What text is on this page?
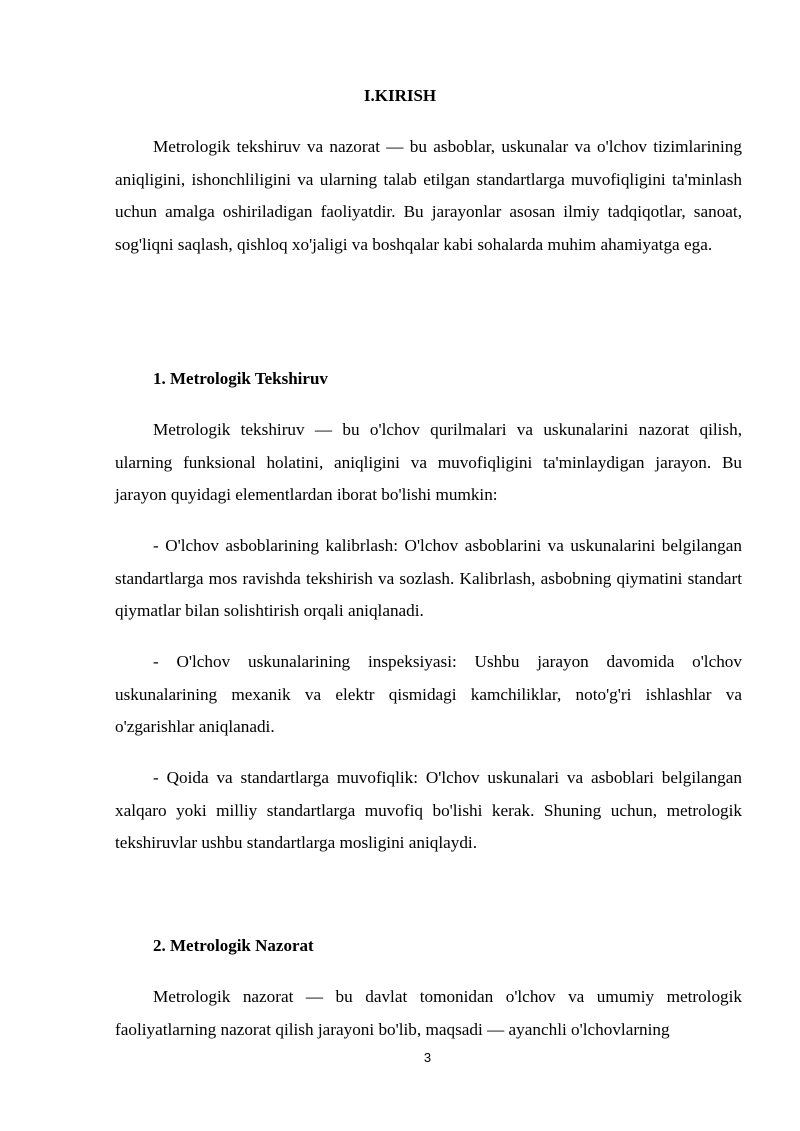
I.KIRISH

Metrologik tekshiruv va nazorat — bu asboblar, uskunalar va o'lchov tizimlarining aniqligini, ishonchliligini va ularning talab etilgan standartlarga muvofiqligini ta'minlash uchun amalga oshiriladigan faoliyatdir. Bu jarayonlar asosan ilmiy tadqiqotlar, sanoat, sog'liqni saqlash, qishloq xo'jaligi va boshqalar kabi sohalarda muhim ahamiyatga ega.

1. Metrologik Tekshiruv

Metrologik tekshiruv — bu o'lchov qurilmalari va uskunalarini nazorat qilish, ularning funksional holatini, aniqligini va muvofiqligini ta'minlaydigan jarayon. Bu jarayon quyidagi elementlardan iborat bo'lishi mumkin:

- O'lchov asboblarining kalibrlash: O'lchov asboblarini va uskunalarini belgilangan standartlarga mos ravishda tekshirish va sozlash. Kalibrlash, asbobning qiymatini standart qiymatlar bilan solishtirish orqali aniqlanadi.

- O'lchov uskunalarining inspeksiyasi: Ushbu jarayon davomida o'lchov uskunalarining mexanik va elektr qismidagi kamchiliklar, noto'g'ri ishlashlar va o'zgarishlar aniqlanadi.

- Qoida va standartlarga muvofiqlik: O'lchov uskunalari va asboblari belgilangan xalqaro yoki milliy standartlarga muvofiq bo'lishi kerak. Shuning uchun, metrologik tekshiruvlar ushbu standartlarga mosligini aniqlaydi.

2. Metrologik Nazorat

Metrologik nazorat — bu davlat tomonidan o'lchov va umumiy metrologik faoliyatlarning nazorat qilish jarayoni bo'lib, maqsadi — ayanchli o'lchovlarning

3
